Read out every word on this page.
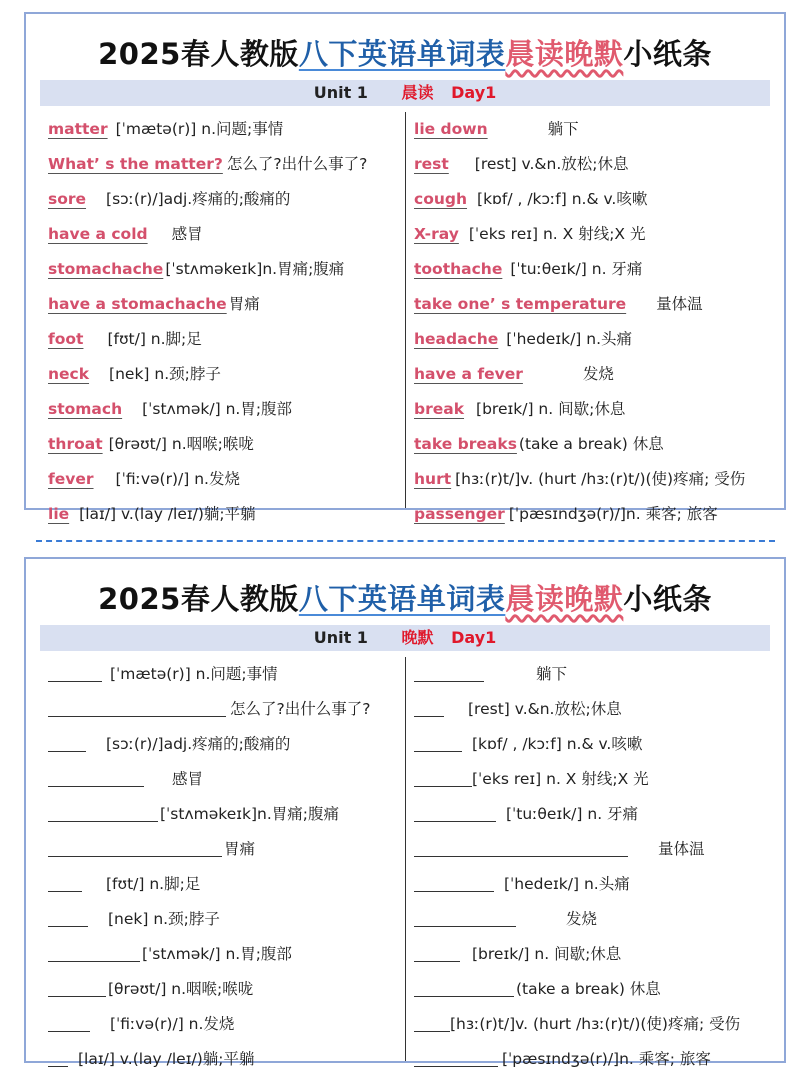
2025春人教版八下英语单词表晨读晚默小纸条
Unit 1 晨读 Day1
matter [ˈmætə(r)] n.问题;事情
What’ s the matter? 怎么了?出什么事了?
sore [sɔː(r)/]adj.疼痛的;酸痛的
have a cold 感冒
stomachache [ˈstʌməkeɪk]n.胃痛;腹痛
have a stomachache 胃痛
foot [fʊt/] n.脚;足
neck [nek] n.颈;脖子
stomach [ˈstʌmək/] n.胃;腹部
throat [θrəʊt/] n.咽喉;喉咙
fever [ˈfiːvə(r)/] n.发烧
lie [laɪ/] v.(lay /leɪ/)躺;平躺
lie down	躺下
rest [rest] v.&n.放松;休息
cough [kɒf/ , /kɔːf] n.& v.咳嗽
X-ray [ˈeks reɪ] n. X 射线;X 光
toothache [ˈtuːθeɪk/] n. 牙痛
take one’ s temperature 量体温
headache [ˈhedeɪk/] n.头痛
have a fever	发烧
break [breɪk/] n. 间歇;休息
take breaks (take a break) 休息
hurt [hɜː(r)t/]v. (hurt /hɜː(r)t/)(使)疼痛; 受伤
passenger [ˈpæsɪndʒə(r)/]n. 乘客; 旅客
2025春人教版八下英语单词表晨读晚默小纸条
Unit 1 晚默 Day1
[ˈmætə(r)] n.问题;事情
怎么了?出什么事了?
[sɔː(r)/]adj.疼痛的;酸痛的
感冒
[ˈstʌməkeɪk]n.胃痛;腹痛
胃痛
[fʊt/] n.脚;足
[nek] n.颈;脖子
[ˈstʌmək/] n.胃;腹部
[θrəʊt/] n.咽喉;喉咙
[ˈfiːvə(r)/] n.发烧
[laɪ/] v.(lay /leɪ/)躺;平躺
躺下
[rest] v.&n.放松;休息
[kɒf/ , /kɔːf] n.& v.咳嗽
[ˈeks reɪ] n. X 射线;X 光
[ˈtuːθeɪk/] n. 牙痛
量体温
[ˈhedeɪk/] n.头痛
发烧
[breɪk/] n. 间歇;休息
(take a break) 休息
[hɜː(r)t/]v. (hurt /hɜː(r)t/)(使)疼痛; 受伤
[ˈpæsɪndʒə(r)/]n. 乘客; 旅客
